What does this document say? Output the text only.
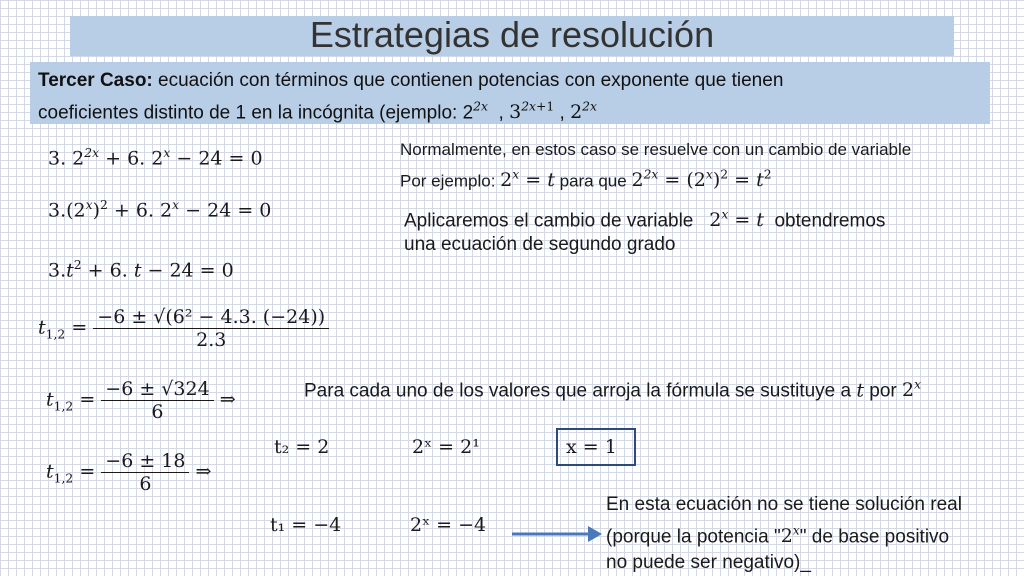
Estrategias de resolución
Tercer Caso: ecuación con términos que contienen potencias con exponente que tienen
coeficientes distinto de 1 en la incógnita (ejemplo: $2^{2x}$  , $3^{2x+1}$ , $2^{2x}$
3. $2^{2x} + 6$. $2^x - 24 = 0$
$3.(2^x)^2 + 6$. $2^x - 24 = 0$
$3.t^2 + 6$. t − 24 = 0
Normalmente, en estos caso se resuelve con un cambio de variable
Por ejemplo: $2^x = t$ para que $2^{2x} = (2^x)^2 = t^2$
Aplicaremos el cambio de variable $2^x = t$ obtendremos
una ecuación de segundo grado
$t_{1,2} = \frac{\text{−6 ± √(6² − 4.3. (−24))}}{2.3}$
$t_{1,2} = \frac{-6 \pm √324}{6}$ ⇒
$t_{1,2} = \frac{-6 \pm 18}{6}$ ⇒
Para cada uno de los valores que arroja la fórmula se sustituye a t por 2$^x$
t₂ = 2	2ˣ = 2¹	x = 1
t₁ = −4	2ˣ = −4
En esta ecuación no se tiene solución real
(porque la potencia "2$^x$" de base positivo
no puede ser negativo)_
